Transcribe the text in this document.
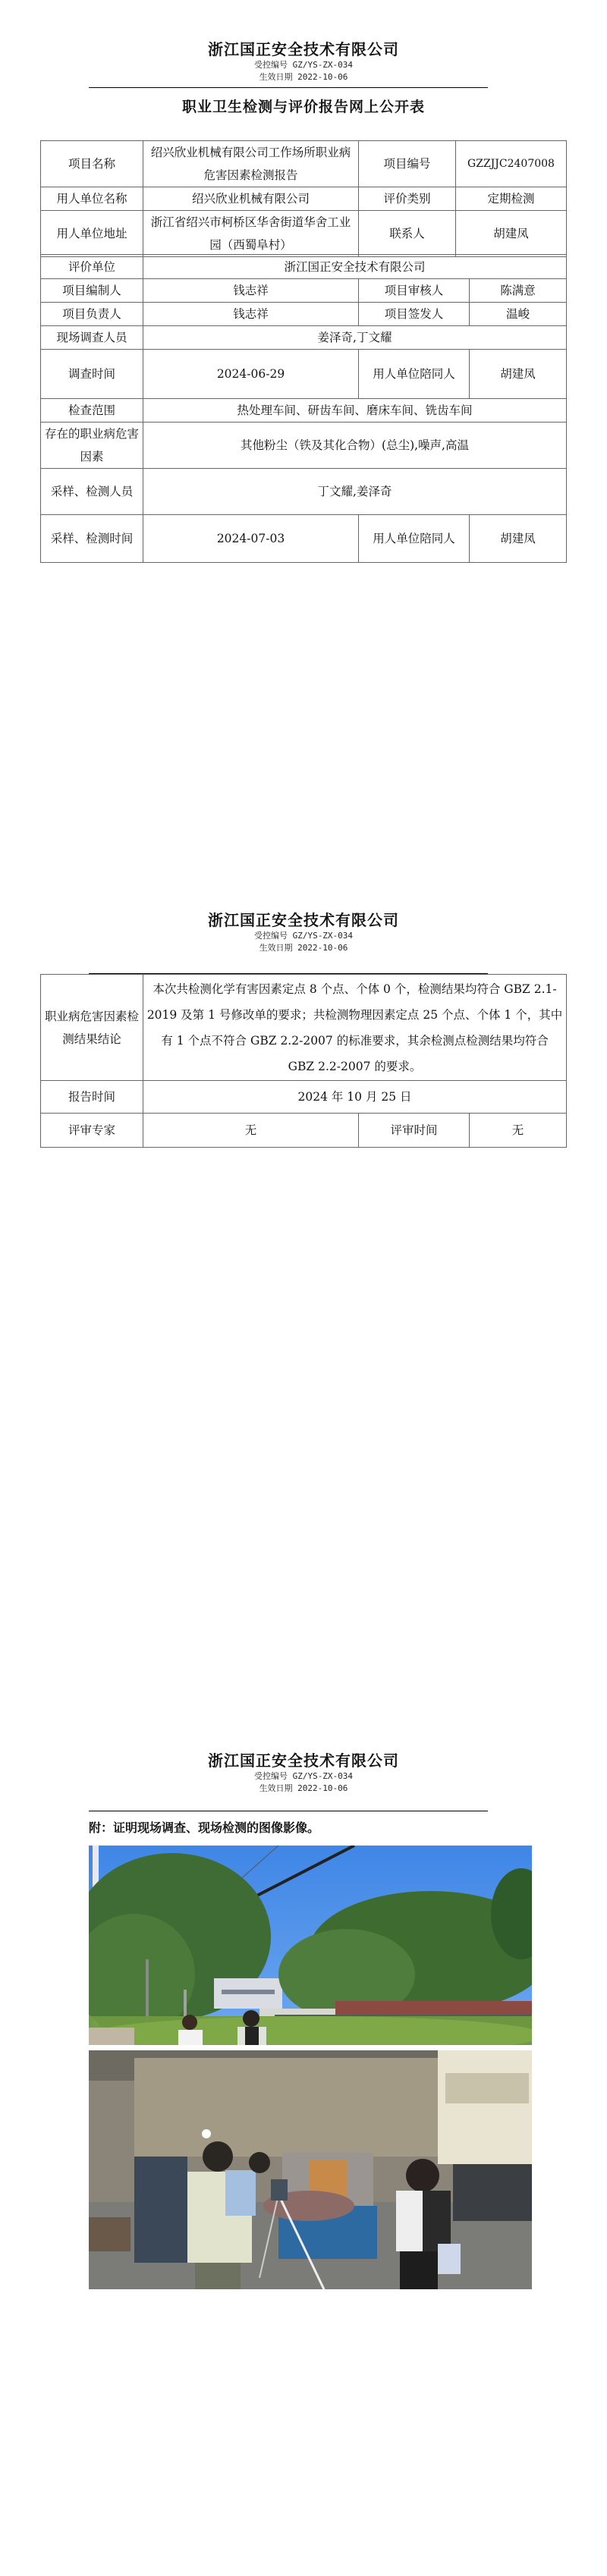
浙江国正安全技术有限公司
受控编号 GZ/YS-ZX-034
生效日期 2022-10-06
职业卫生检测与评价报告网上公开表
项目名称	绍兴欣业机械有限公司工作场所职业病危害因素检测报告	项目编号	GZZJJC2407008
用人单位名称	绍兴欣业机械有限公司	评价类别	定期检测
用人单位地址	浙江省绍兴市柯桥区华舍街道华舍工业园（西蜀阜村）	联系人	胡建凤
评价单位	浙江国正安全技术有限公司		
项目编制人	钱志祥	项目审核人	陈满意
项目负责人	钱志祥	项目签发人	温峻
现场调查人员	姜泽奇,丁文耀		
调查时间	2024-06-29	用人单位陪同人	胡建凤
检查范围	热处理车间、研齿车间、磨床车间、铣齿车间		
存在的职业病危害因素	其他粉尘（铁及其化合物）(总尘),噪声,高温		
采样、检测人员	丁文耀,姜泽奇		
采样、检测时间	2024-07-03	用人单位陪同人	胡建凤
浙江国正安全技术有限公司
受控编号 GZ/YS-ZX-034
生效日期 2022-10-06
职业病危害因素检测结果结论	本次共检测化学有害因素定点 8 个点、个体 0 个，检测结果均符合 GBZ 2.1-2019 及第 1 号修改单的要求；共检测物理因素定点 25 个点、个体 1 个，其中有 1 个点不符合 GBZ 2.2-2007 的标准要求，其余检测点检测结果均符合 GBZ 2.2-2007 的要求。		
报告时间	2024 年 10 月 25 日		
评审专家	无	评审时间	无
浙江国正安全技术有限公司
受控编号 GZ/YS-ZX-034
生效日期 2022-10-06
附：证明现场调查、现场检测的图像影像。
